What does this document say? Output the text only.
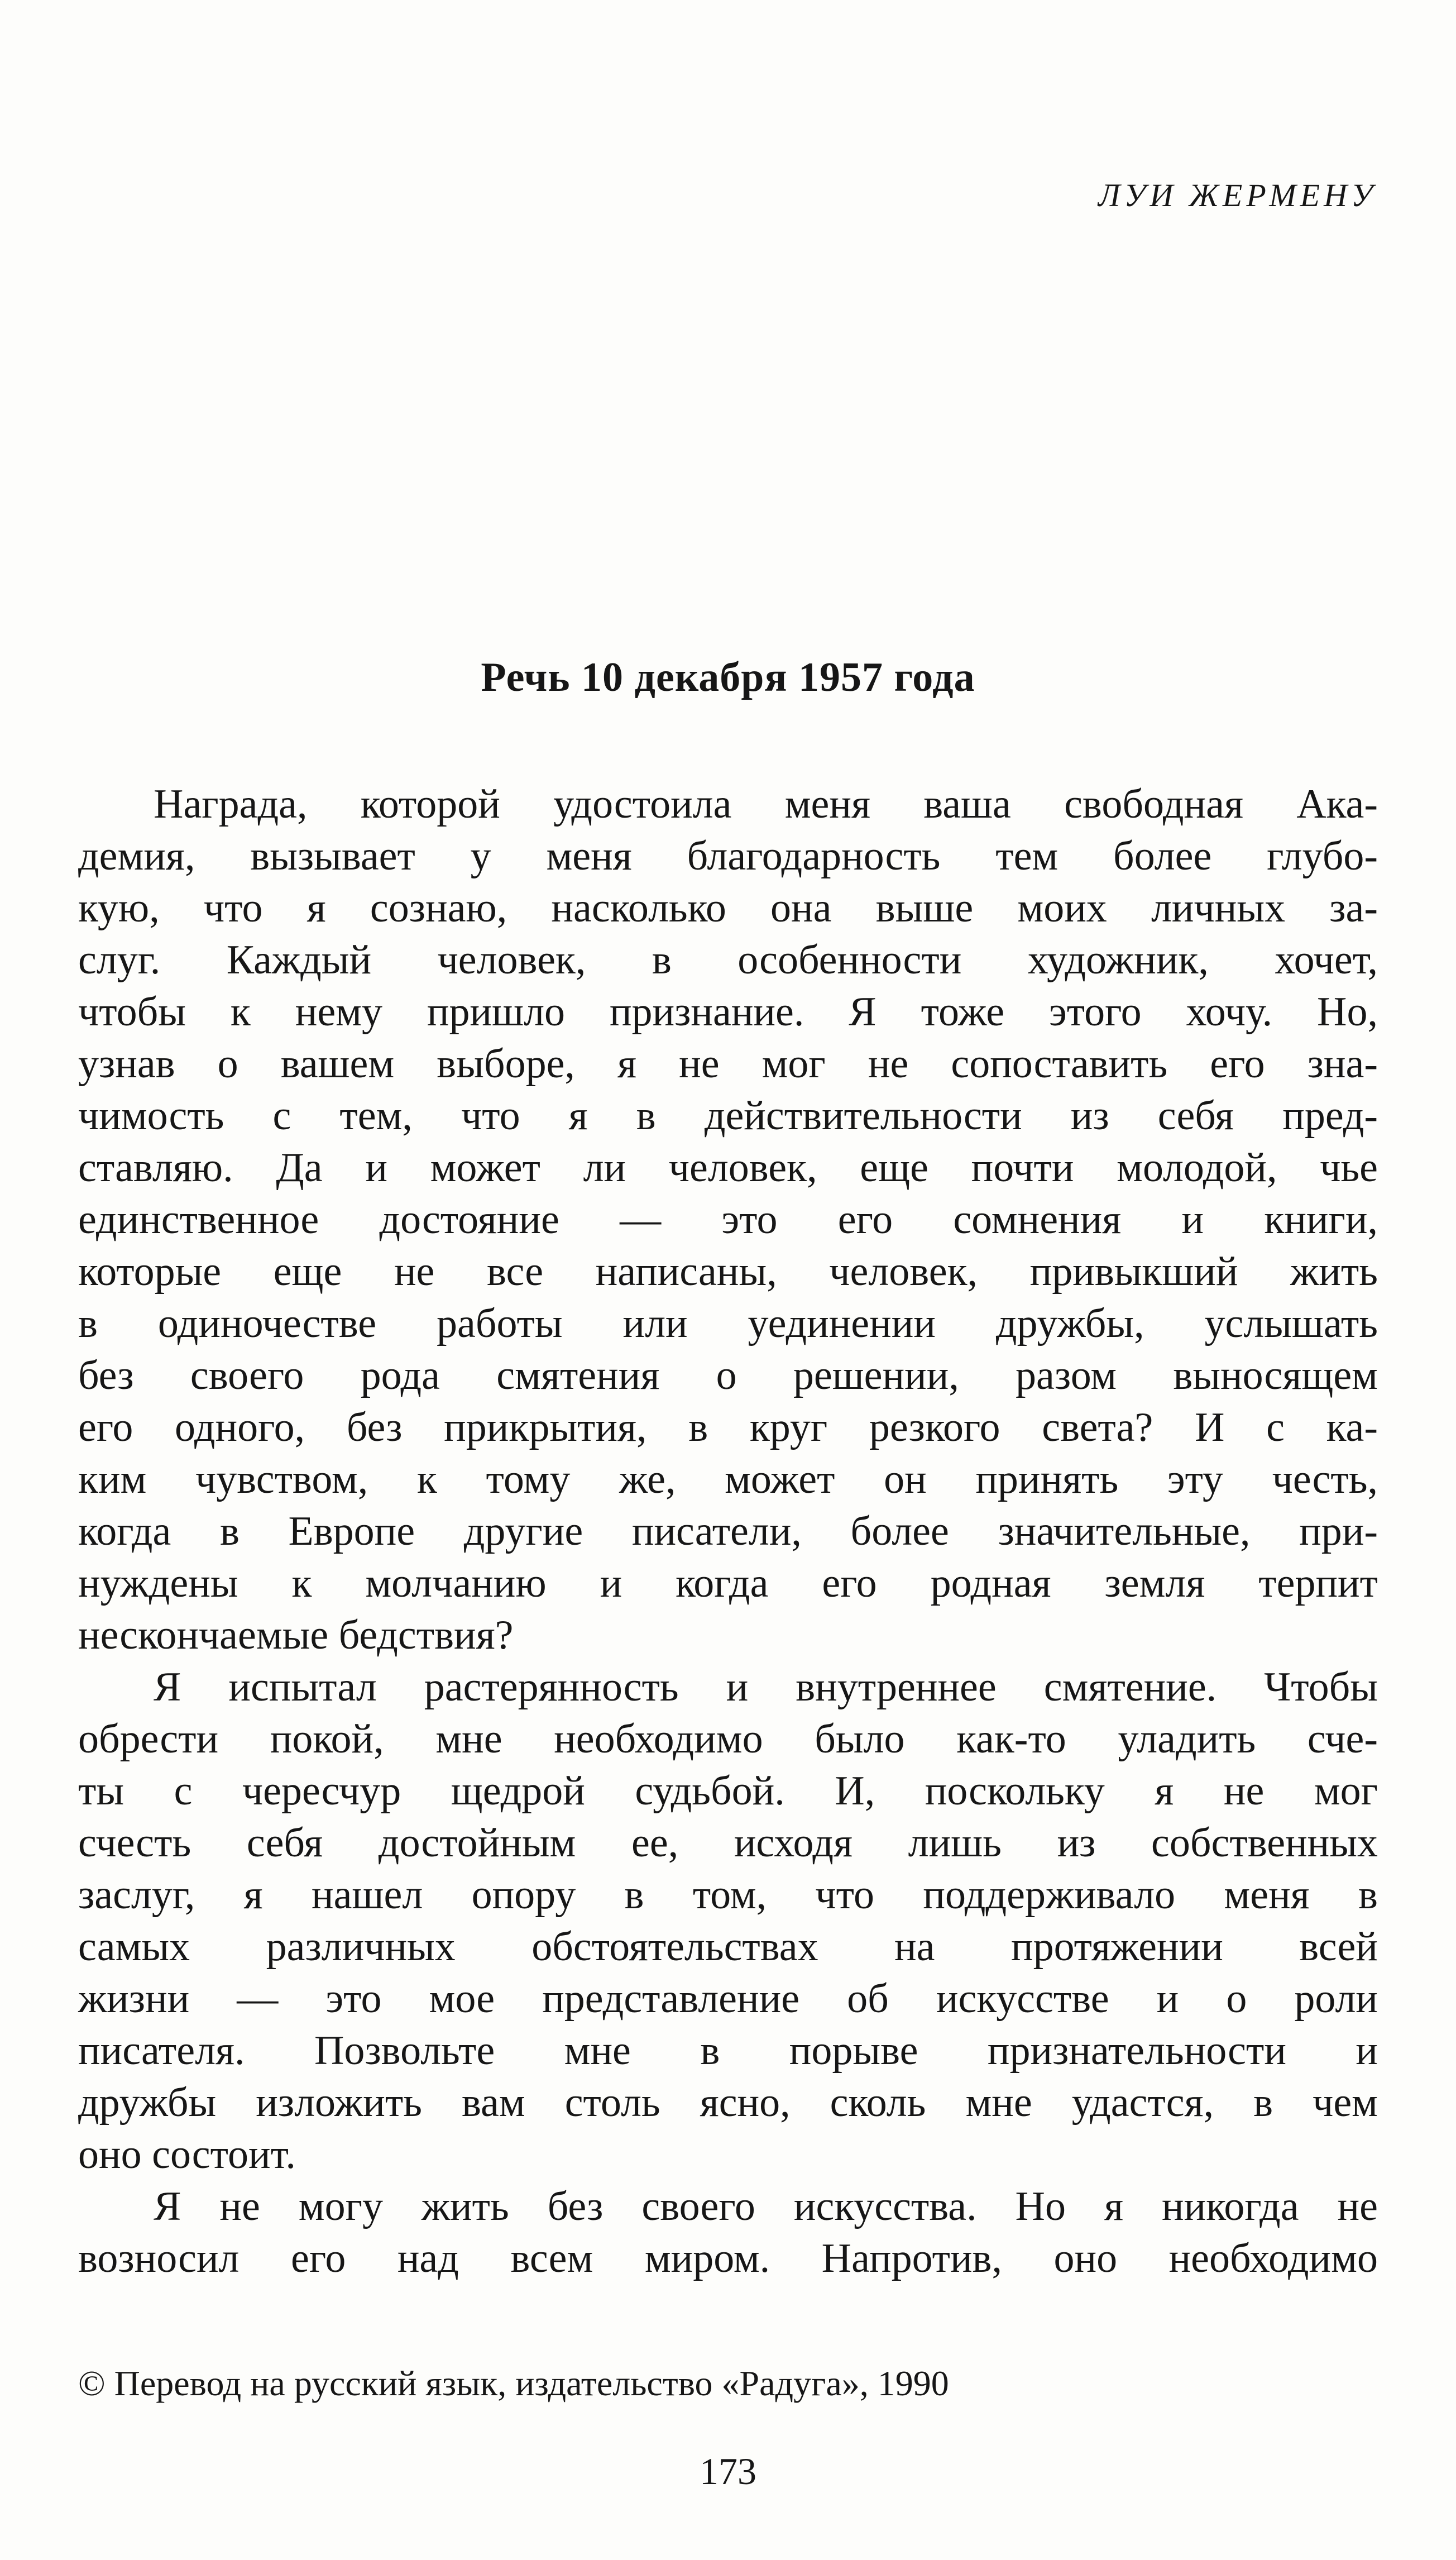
ЛУИ ЖЕРМЕНУ
Речь 10 декабря 1957 года
Награда, которой удостоила меня ваша свободная Ака-
демия, вызывает у меня благодарность тем более глубо-
кую, что я сознаю, насколько она выше моих личных за-
слуг. Каждый человек, в особенности художник, хочет,
чтобы к нему пришло признание. Я тоже этого хочу. Но,
узнав о вашем выборе, я не мог не сопоставить его зна-
чимость с тем, что я в действительности из себя пред-
ставляю. Да и может ли человек, еще почти молодой, чье
единственное достояние — это его сомнения и книги,
которые еще не все написаны, человек, привыкший жить
в одиночестве работы или уединении дружбы, услышать
без своего рода смятения о решении, разом выносящем
его одного, без прикрытия, в круг резкого света? И с ка-
ким чувством, к тому же, может он принять эту честь,
когда в Европе другие писатели, более значительные, при-
нуждены к молчанию и когда его родная земля терпит
нескончаемые бедствия?
Я испытал растерянность и внутреннее смятение. Чтобы
обрести покой, мне необходимо было как-то уладить сче-
ты с чересчур щедрой судьбой. И, поскольку я не мог
счесть себя достойным ее, исходя лишь из собственных
заслуг, я нашел опору в том, что поддерживало меня в
самых различных обстоятельствах на протяжении всей
жизни — это мое представление об искусстве и о роли
писателя. Позвольте мне в порыве признательности и
дружбы изложить вам столь ясно, сколь мне удастся, в чем
оно состоит.
Я не могу жить без своего искусства. Но я никогда не
возносил его над всем миром. Напротив, оно необходимо
© Перевод на русский язык, издательство «Радуга», 1990
173
